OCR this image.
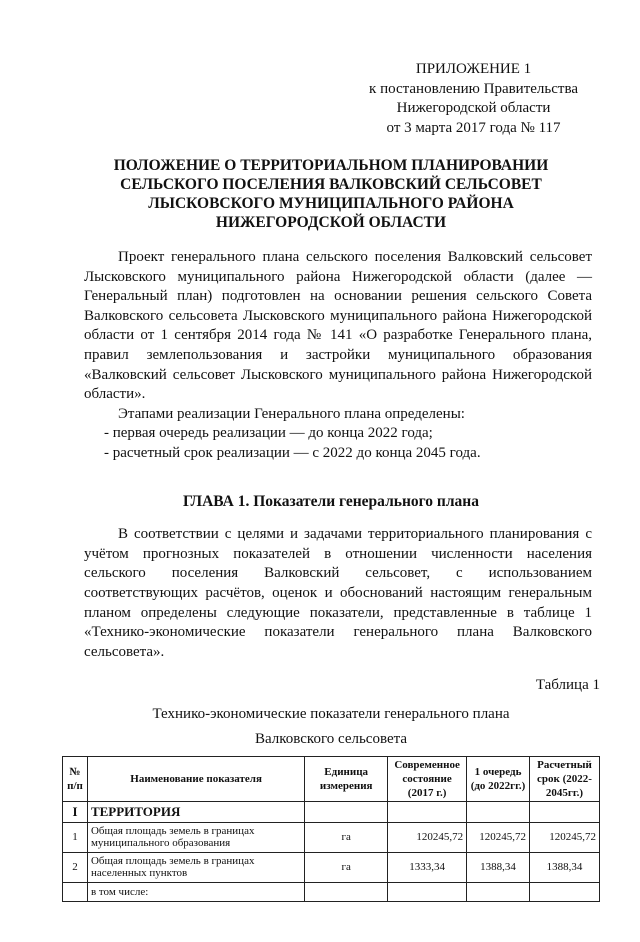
ПРИЛОЖЕНИЕ 1
к постановлению Правительства
Нижегородской области
от 3 марта 2017 года № 117
ПОЛОЖЕНИЕ О ТЕРРИТОРИАЛЬНОМ ПЛАНИРОВАНИИ
СЕЛЬСКОГО ПОСЕЛЕНИЯ ВАЛКОВСКИЙ СЕЛЬСОВЕТ
ЛЫСКОВСКОГО МУНИЦИПАЛЬНОГО РАЙОНА
НИЖЕГОРОДСКОЙ ОБЛАСТИ
Проект генерального плана сельского поселения Валковский сельсовет Лысковского муниципального района Нижегородской области (далее — Генеральный план) подготовлен на основании решения сельского Совета Валковского сельсовета Лысковского муниципального района Нижегородской области от 1 сентября 2014 года № 141 «О разработке Генерального плана, правил землепользования и застройки муниципального образования «Валковский сельсовет Лысковского муниципального района Нижегородской области».
Этапами реализации Генерального плана определены:
- первая очередь реализации — до конца 2022 года;
- расчетный срок реализации — с 2022 до конца 2045 года.
ГЛАВА 1. Показатели генерального плана
В соответствии с целями и задачами территориального планирования с учётом прогнозных показателей в отношении численности населения сельского поселения Валковский сельсовет, с использованием соответствующих расчётов, оценок и обоснований настоящим генеральным планом определены следующие показатели, представленные в таблице 1 «Технико-экономические показатели генерального плана Валковского сельсовета».
Таблица 1
Технико-экономические показатели генерального плана
Валковского сельсовета
№ п/п	Наименование показателя	Единица измерения	Современное состояние (2017 г.)	1 очередь (до 2022гг.)	Расчетный срок (2022-2045гг.)
I	ТЕРРИТОРИЯ				
1	Общая площадь земель в границах муниципального образования	га	120245,72	120245,72	120245,72
2	Общая площадь земель в границах населенных пунктов	га	1333,34	1388,34	1388,34
	в том числе:				
